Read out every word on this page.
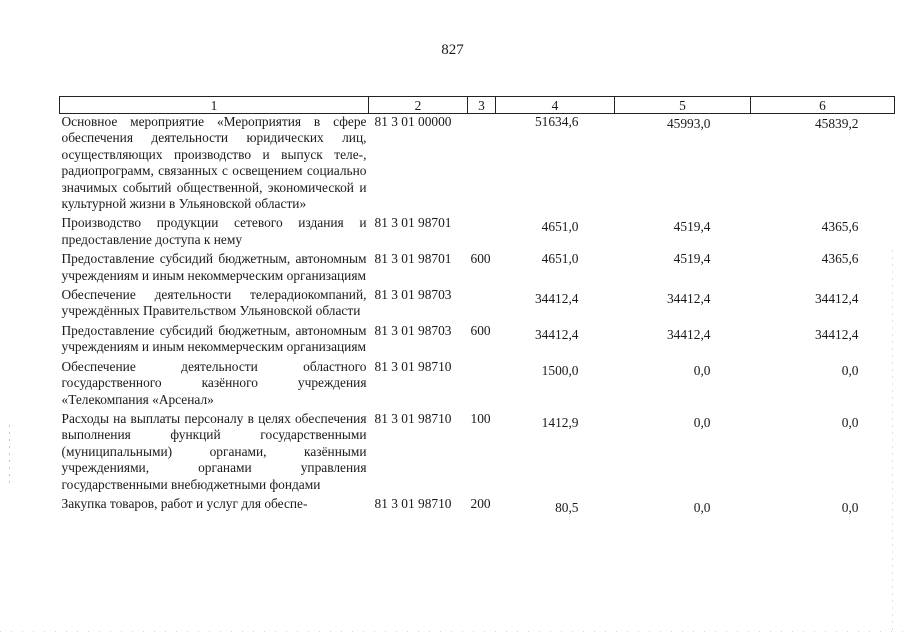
827
1	2	3	4	5	6
Основное мероприятие «Мероприятия в сфере обеспечения деятельности юридических лиц, осуществляющих производство и выпуск теле-, радиопрограмм, связанных с освещением социально значимых событий общественной, экономической и культурной жизни в Ульяновской области»	81 3 01 00000		51634,6	45993,0	45839,2
Производство продукции сетевого издания и предоставление доступа к нему	81 3 01 98701		4651,0	4519,4	4365,6
Предоставление субсидий бюджетным, автономным учреждениям и иным некоммерческим организациям	81 3 01 98701	600	4651,0	4519,4	4365,6
Обеспечение деятельности телерадиокомпаний, учреждённых Правительством Ульяновской области	81 3 01 98703		34412,4	34412,4	34412,4
Предоставление субсидий бюджетным, автономным учреждениям и иным некоммерческим организациям	81 3 01 98703	600	34412,4	34412,4	34412,4
Обеспечение деятельности областного государственного казённого учреждения «Телекомпания «Арсенал»	81 3 01 98710		1500,0	0,0	0,0
Расходы на выплаты персоналу в целях обеспечения выполнения функций государственными (муниципальными) органами, казёнными учреждениями, органами управления государственными внебюджетными фондами	81 3 01 98710	100	1412,9	0,0	0,0
Закупка товаров, работ и услуг для обеспе-	81 3 01 98710	200	80,5	0,0	0,0
